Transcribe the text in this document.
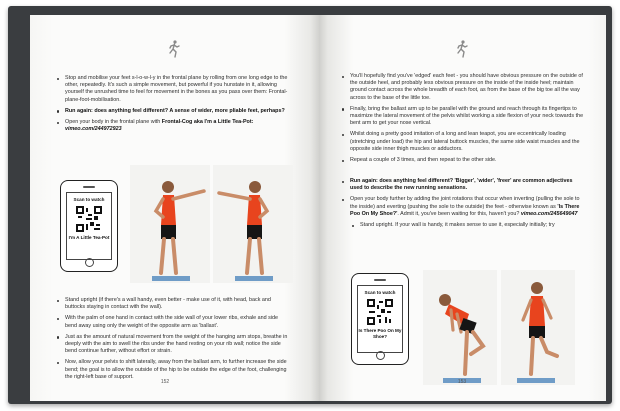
Stop and mobilise your feet s-l-o-w-l-y in the frontal plane by rolling from one long edge to the other, repeatedly. It's such a simple movement, but powerful if you hunstate in it, allowing yourself the unrushed time to feel for movement in the bones as you pass over them: Frontal-plane-foot-mobilisation.
Run again: does anything feel different? A sense of wider, more pliable feet, perhaps?
Open your body in the frontal plane with Frontal-Cog aka I'm a Little Tea-Pot: vimeo.com/244972923
Scan to watch
I'm A Little Tea-Pot
Stand upright (if there's a wall handy, even better - make use of it, with head, back and buttocks staying in contact with the wall).
With the palm of one hand in contact with the side wall of your lower ribs, exhale and side bend away using only the weight of the opposite arm as 'ballast'.
Just as the amount of natural movement from the weight of the hanging arm stops, breathe in deeply with the aim to swell the ribs under the hand resting on your rib wall; notice the side bend continue further, without effort or strain.
Now, allow your pelvis to shift laterally, away from the ballast arm, to further increase the side bend; the goal is to allow the outside of the hip to be outside the edge of the foot, challenging the right-left base of support.
152
You'll hopefully find you've 'edged' each feet - you should have obvious pressure on the outside of the outside heel, and probably less obvious pressure on the inside of the inside heel; maintain ground contact across the whole breadth of each foot, as from the base of the big toe all the way across to the base of the little toe.
Finally, bring the ballast arm up to be parallel with the ground and reach through its fingertips to maximize the lateral movement of the pelvis whilst working a side flexion of your neck towards the bent arm to get your nose vertical.
Whilst doing a pretty good imitation of a long and lean teapot, you are eccentrically loading (stretching under load) the hip and lateral buttock muscles, the same side waist muscles and the opposite side inner thigh muscles or adductors.
Repeat a couple of 3 times, and then repeat to the other side.
Run again: does anything feel different? 'Bigger', 'wider', 'freer' are common adjectives used to describe the new running sensations.
Open your body further by adding the joint rotations that occur when inverting (pulling the sole to the inside) and everting (pushing the sole to the outside) the feet - otherwise known as 'Is There Poo On My Shoe?'. Admit it, you've been waiting for this, haven't you? vimeo.com/245649047
Stand upright. If your wall is handy, it makes sense to use it, especially initially; try
Scan to watch
Is There Poo On My Shoe?
153
